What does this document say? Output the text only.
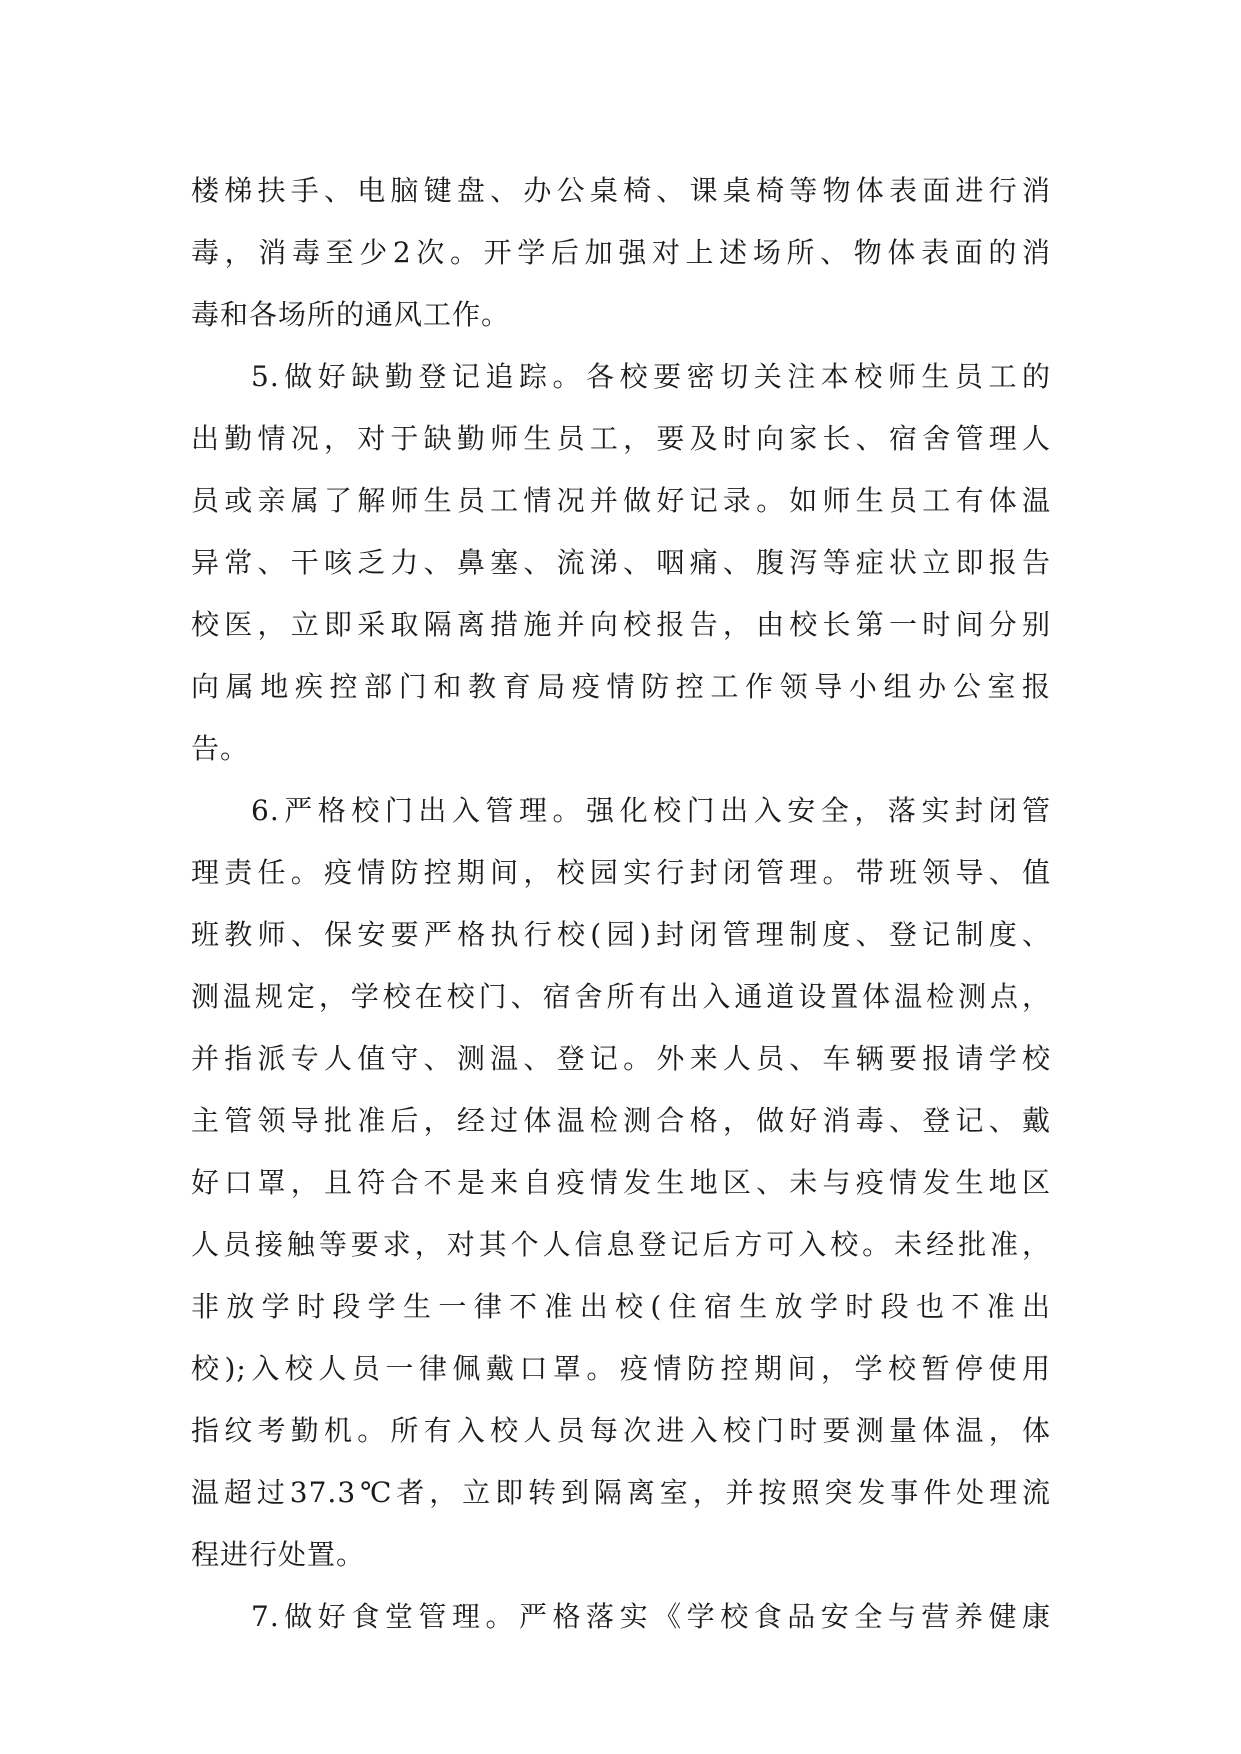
楼梯扶手、电脑键盘、办公桌椅、课桌椅等物体表面进行消
毒，消毒至少2次。开学后加强对上述场所、物体表面的消
毒和各场所的通风工作。
5.做好缺勤登记追踪。各校要密切关注本校师生员工的
出勤情况，对于缺勤师生员工，要及时向家长、宿舍管理人
员或亲属了解师生员工情况并做好记录。如师生员工有体温
异常、干咳乏力、鼻塞、流涕、咽痛、腹泻等症状立即报告
校医，立即采取隔离措施并向校报告，由校长第一时间分别
向属地疾控部门和教育局疫情防控工作领导小组办公室报
告。
6.严格校门出入管理。强化校门出入安全，落实封闭管
理责任。疫情防控期间，校园实行封闭管理。带班领导、值
班教师、保安要严格执行校(园)封闭管理制度、登记制度、
测温规定，学校在校门、宿舍所有出入通道设置体温检测点，
并指派专人值守、测温、登记。外来人员、车辆要报请学校
主管领导批准后，经过体温检测合格，做好消毒、登记、戴
好口罩，且符合不是来自疫情发生地区、未与疫情发生地区
人员接触等要求，对其个人信息登记后方可入校。未经批准，
非放学时段学生一律不准出校(住宿生放学时段也不准出
校);入校人员一律佩戴口罩。疫情防控期间，学校暂停使用
指纹考勤机。所有入校人员每次进入校门时要测量体温，体
温超过37.3℃者，立即转到隔离室，并按照突发事件处理流
程进行处置。
7.做好食堂管理。严格落实《学校食品安全与营养健康
